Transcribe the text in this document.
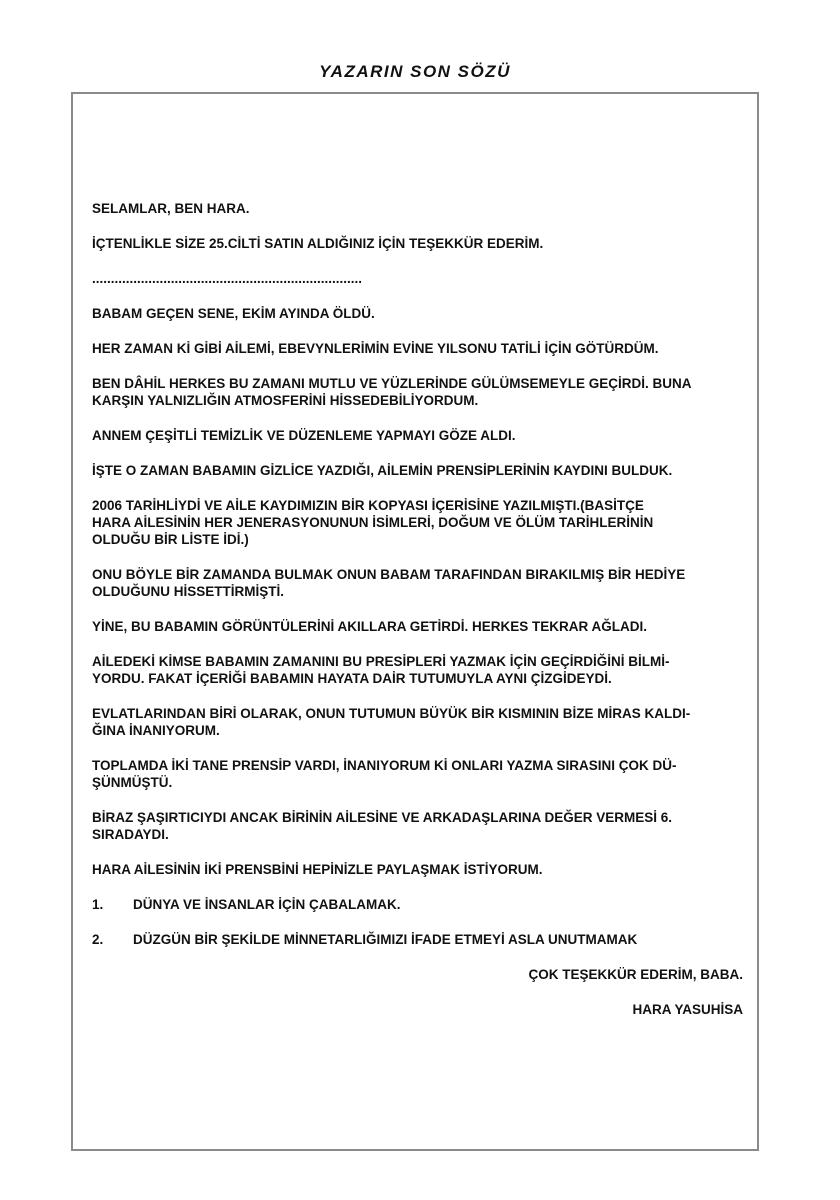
YAZARIN SON SÖZÜ
SELAMLAR, BEN HARA.
İÇTENLİKLE SİZE 25.CİLTİ SATIN ALDIĞINIZ İÇİN TEŞEKKÜR EDERİM.
........................................................................
BABAM GEÇEN SENE, EKİM AYINDA ÖLDÜ.
HER ZAMAN Kİ GİBİ AİLEMİ, EBEVYNLERİMİN EVİNE YILSONU TATİLİ İÇİN GÖTÜRDÜM.
BEN DÂHİL HERKES BU ZAMANI MUTLU VE YÜZLERİNDE GÜLÜMSEMEYLE GEÇİRDİ. BUNA
KARŞIN YALNIZLIĞIN ATMOSFERİNİ HİSSEDEBİLİYORDUM.
ANNEM ÇEŞİTLİ TEMİZLİK VE DÜZENLEME YAPMAYI GÖZE ALDI.
İŞTE O ZAMAN BABAMIN GİZLİCE YAZDIĞI, AİLEMİN PRENSİPLERİNİN KAYDINI BULDUK.
2006 TARİHLİYDİ VE AİLE KAYDIMIZIN BİR KOPYASI İÇERİSİNE YAZILMIŞTI.(BASİTÇE
HARA AİLESİNİN HER JENERASYONUNUN İSİMLERİ, DOĞUM VE ÖLÜM TARİHLERİNİN
OLDUĞU BİR LİSTE İDİ.)
ONU BÖYLE BİR ZAMANDA BULMAK ONUN BABAM TARAFINDAN BIRAKILMIŞ BİR HEDİYE
OLDUĞUNU HİSSETTİRMİŞTİ.
YİNE, BU BABAMIN GÖRÜNTÜLERİNİ AKILLARA GETİRDİ. HERKES TEKRAR AĞLADI.
AİLEDEKİ KİMSE BABAMIN ZAMANINI BU PRESİPLERİ YAZMAK İÇİN GEÇİRDİĞİNİ BİLMİ-
YORDU. FAKAT İÇERİĞİ BABAMIN HAYATA DAİR TUTUMUYLA AYNI ÇİZGİDEYDİ.
EVLATLARINDAN BİRİ OLARAK, ONUN TUTUMUN BÜYÜK BİR KISMININ BİZE MİRAS KALDI-
ĞINA İNANIYORUM.
TOPLAMDA İKİ TANE PRENSİP VARDI, İNANIYORUM Kİ ONLARI YAZMA SIRASINI ÇOK DÜ-
ŞÜNMÜŞTÜ.
BİRAZ ŞAŞIRTICIYDI ANCAK BİRİNİN AİLESİNE VE ARKADAŞLARINA DEĞER VERMESİ 6.
SIRADAYDI.
HARA AİLESİNİN İKİ PRENSBİNİ HEPİNİZLE PAYLAŞMAK İSTİYORUM.
1.	DÜNYA VE İNSANLAR İÇİN ÇABALAMAK.
2.	DÜZGÜN BİR ŞEKİLDE MİNNETARLIĞIMIZI İFADE ETMEYİ ASLA UNUTMAMAK
ÇOK TEŞEKKÜR EDERİM, BABA.
HARA YASUHİSA
